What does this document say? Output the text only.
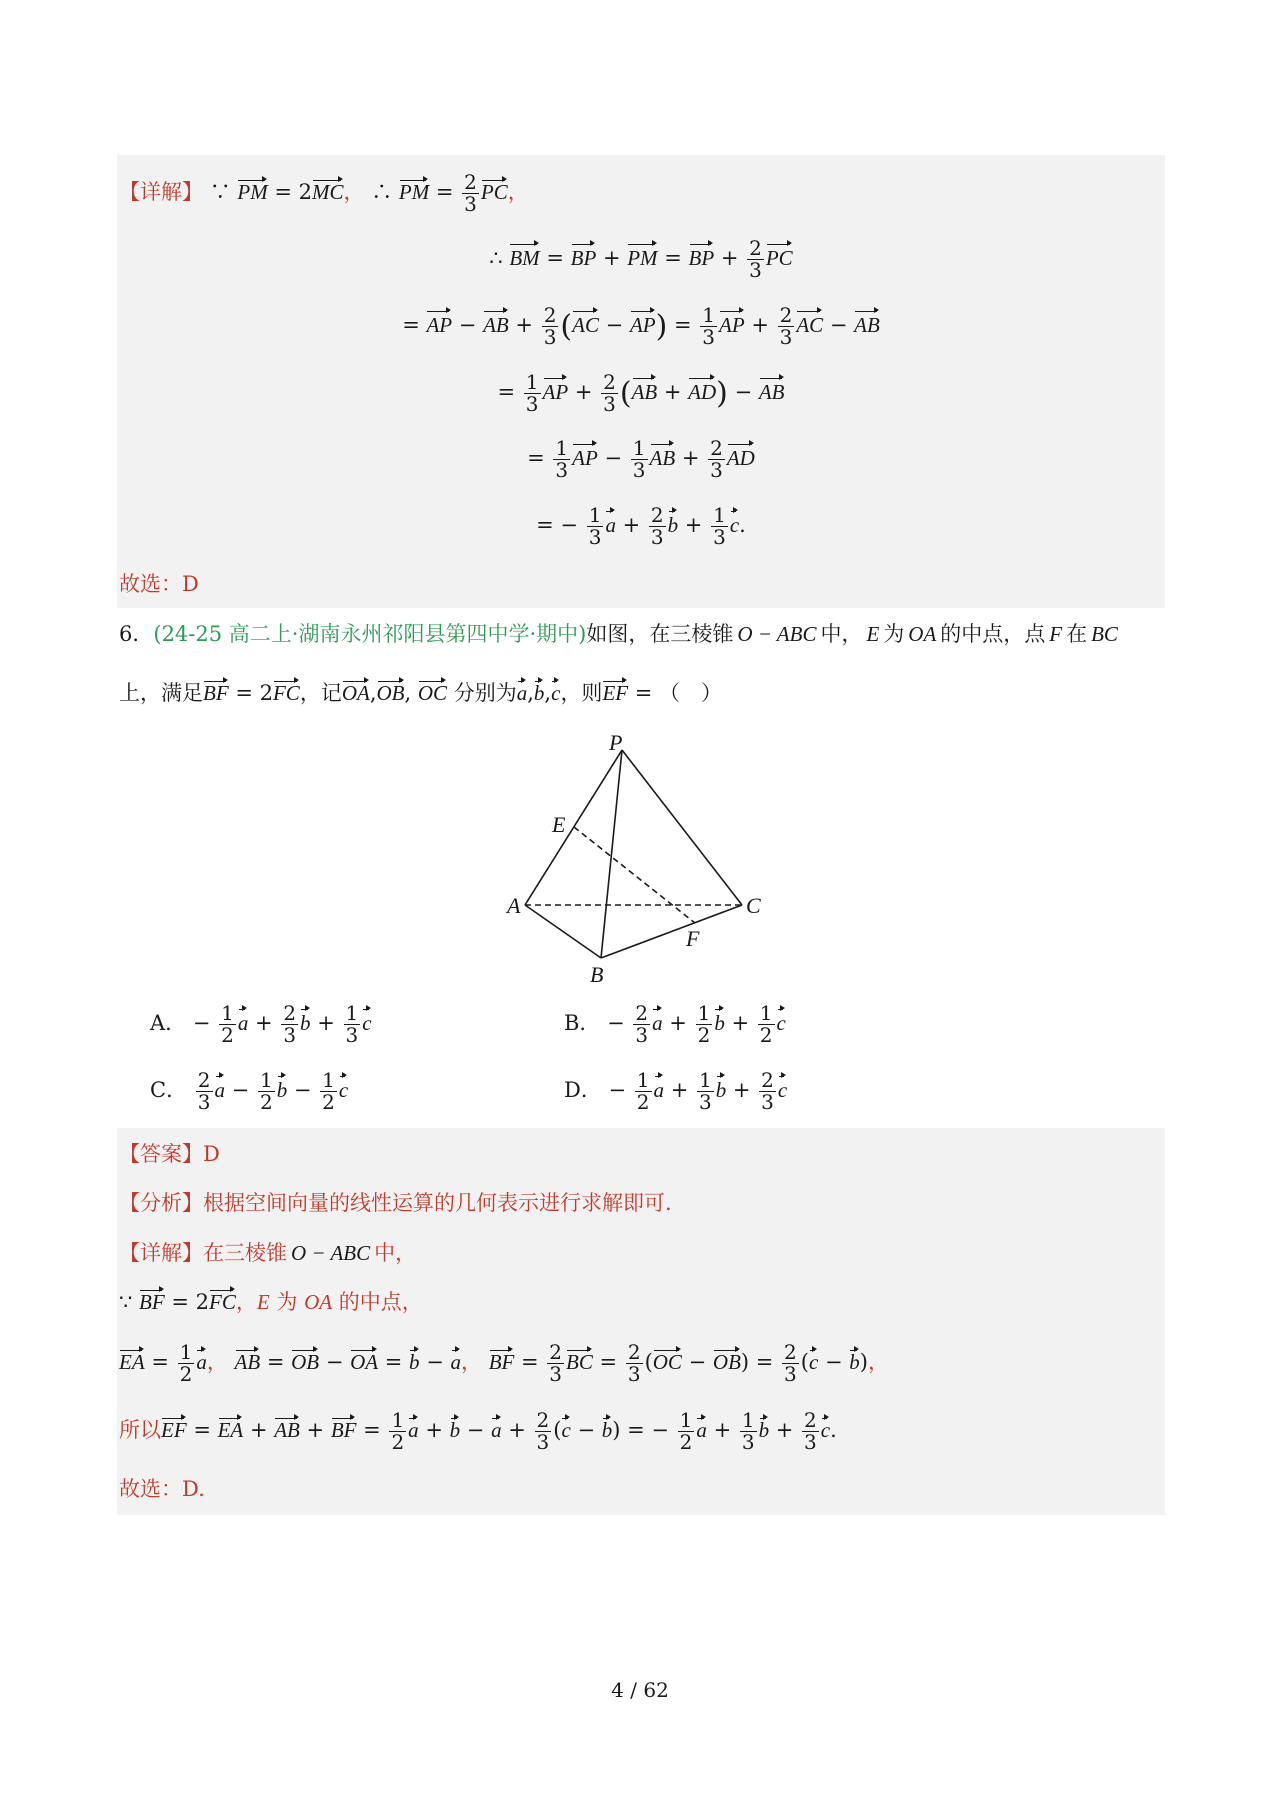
【详解】 ∵ PM = 2MC， ∴ PM = $\frac{2}{3}$ PC，
∴ BM = BP + PM = BP + $\frac{2}{3}$ PC
= AP − AB + $\frac{2}{3} (AC - AP) = \frac{1}{3}$ AP + $\frac{2}{3}$ AC − AB
= $\frac{1}{3}$ AP + $\frac{2}{3} (AB + AD)$ − AB
= $\frac{1}{3}$ AP − $\frac{1}{3}$ AB + $\frac{2}{3}$ AD
= − $\frac{1}{3}$ $a + \frac{2}{3}$ $b + \frac{1}{3} c$.
故选：D
6．(24-25 高二上·湖南永州祁阳县第四中学·期中)如图，在三棱锥 O − ABC 中， E 为 OA 的中点，点 F 在 BC
上，满足BF = 2FC，记OA,OB, OC 分别为a,b,c，则EF = （　）
P
E
A	C
F
B
A． − $\frac{1}{2}$ $a + \frac{2}{3}$ $b + \frac{1}{3}$ c	B． − $\frac{2}{3}$ $a + \frac{1}{2}$ $b + \frac{1}{2}$ c
C． $\frac{2}{3}$ $a - \frac{1}{2}$ $b - \frac{1}{2}$ c	D． − $\frac{1}{2}$ $a + \frac{1}{3}$ $b + \frac{2}{3}$ c
【答案】D
【分析】根据空间向量的线性运算的几何表示进行求解即可.
【详解】在三棱锥 O − ABC 中，
∵ BF = 2FC，E 为 OA 的中点，
EA = $\frac{1}{2}$ a， AB = OB − OA = b − a， BF = $\frac{2}{3}$ BC = $\frac{2}{3} (OC - OB) = \frac{2}{3} (c - b)$，
所以EF = EA + AB + BF = $\frac{1}{2}$ $a + b - a + \frac{2}{3} (c - b)$ = − $\frac{1}{2}$ $a + \frac{1}{3}$ $b + \frac{2}{3} c$.
故选：D.
4 / 62
